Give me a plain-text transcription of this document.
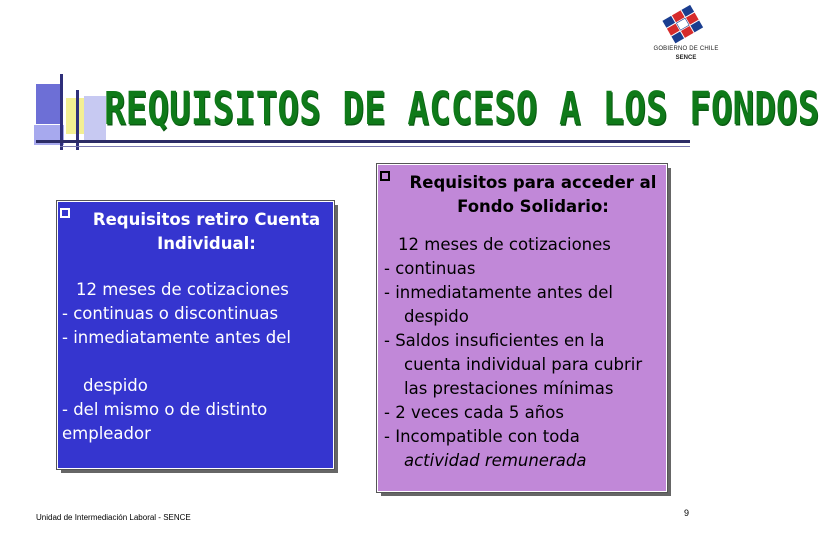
GOBIERNO DE CHILE
SENCE
REQUISITOS DE ACCESO A LOS FONDOS
Requisitos retiro Cuenta Individual:
12 meses de cotizaciones
- continuas o discontinuas
- inmediatamente antes del
despido
- del mismo o de distinto
empleador
Requisitos para acceder al Fondo Solidario:
12 meses de cotizaciones
- continuas
- inmediatamente antes del
despido
- Saldos insuficientes en la
cuenta individual para cubrir
las prestaciones mínimas
- 2 veces cada 5 años
- Incompatible con toda
actividad remunerada
Unidad de Intermediación Laboral - SENCE	9
